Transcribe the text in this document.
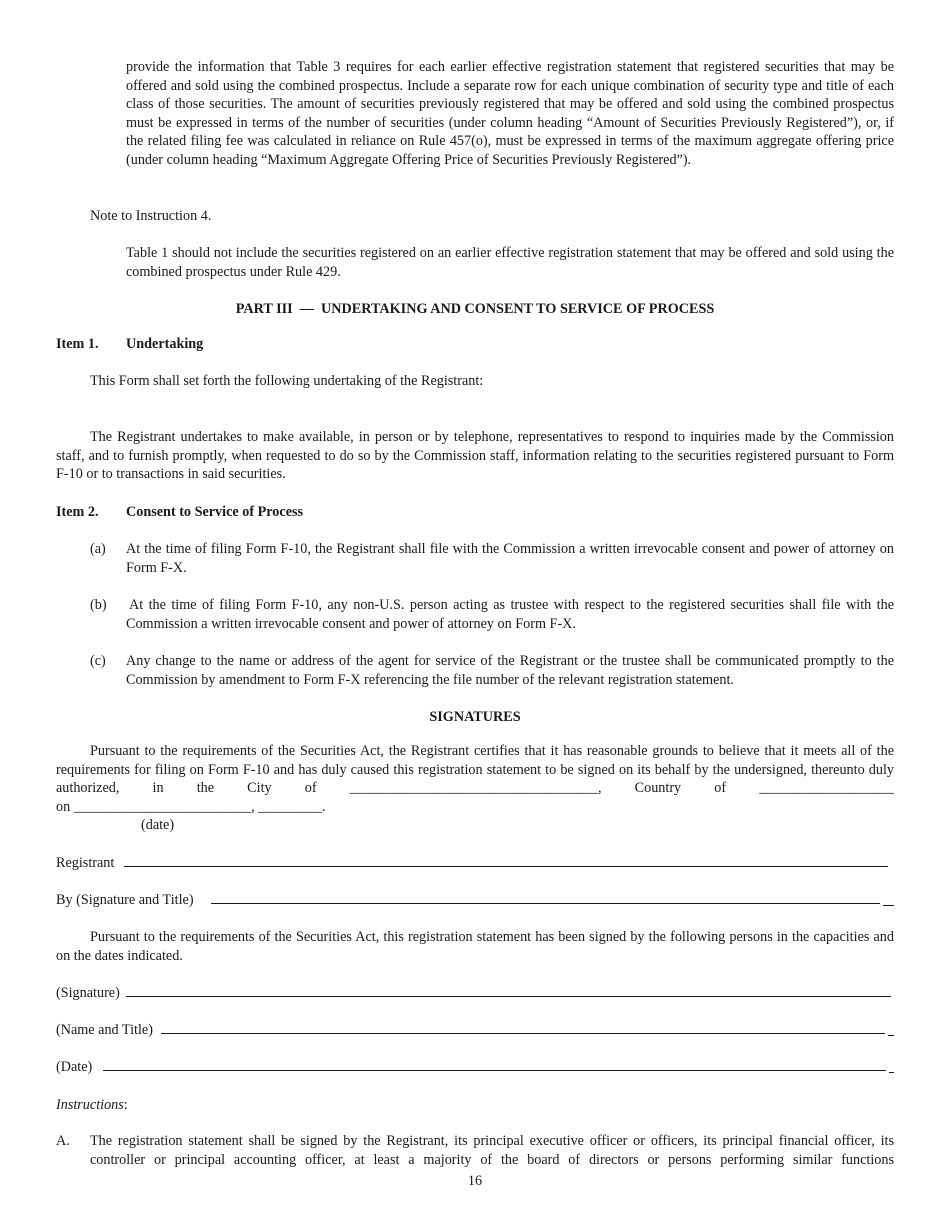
provide the information that Table 3 requires for each earlier effective registration statement that registered securities that may be offered and sold using the combined prospectus. Include a separate row for each unique combination of security type and title of each class of those securities. The amount of securities previously registered that may be offered and sold using the combined prospectus must be expressed in terms of the number of securities (under column heading “Amount of Securities Previously Registered”), or, if the related filing fee was calculated in reliance on Rule 457(o), must be expressed in terms of the maximum aggregate offering price (under column heading “Maximum Aggregate Offering Price of Securities Previously Registered”).
Note to Instruction 4.
Table 1 should not include the securities registered on an earlier effective registration statement that may be offered and sold using the combined prospectus under Rule 429.
PART III  —  UNDERTAKING AND CONSENT TO SERVICE OF PROCESS
Item 1. Undertaking
This Form shall set forth the following undertaking of the Registrant:
The Registrant undertakes to make available, in person or by telephone, representatives to respond to inquiries made by the Commission staff, and to furnish promptly, when requested to do so by the Commission staff, information relating to the securities registered pursuant to Form F-10 or to transactions in said securities.
Item 2. Consent to Service of Process
(a) At the time of filing Form F-10, the Registrant shall file with the Commission a written irrevocable consent and power of attorney on Form F-X.
(b) At the time of filing Form F-10, any non-U.S. person acting as trustee with respect to the registered securities shall file with the Commission a written irrevocable consent and power of attorney on Form F-X.
(c) Any change to the name or address of the agent for service of the Registrant or the trustee shall be communicated promptly to the Commission by amendment to Form F-X referencing the file number of the relevant registration statement.
SIGNATURES
Pursuant to the requirements of the Securities Act, the Registrant certifies that it has reasonable grounds to believe that it meets all of the requirements for filing on Form F-10 and has duly caused this registration statement to be signed on its behalf by the undersigned, thereunto duly authorized, in the City of ___________________________________, Country of ___________________
on _________________________, _________.
(date)
Registrant
By (Signature and Title)
Pursuant to the requirements of the Securities Act, this registration statement has been signed by the following persons in the capacities and on the dates indicated.
(Signature)
(Name and Title)
(Date)
Instructions:
A. The registration statement shall be signed by the Registrant, its principal executive officer or officers, its principal financial officer, its controller or principal accounting officer, at least a majority of the board of directors or persons performing similar functions
16
